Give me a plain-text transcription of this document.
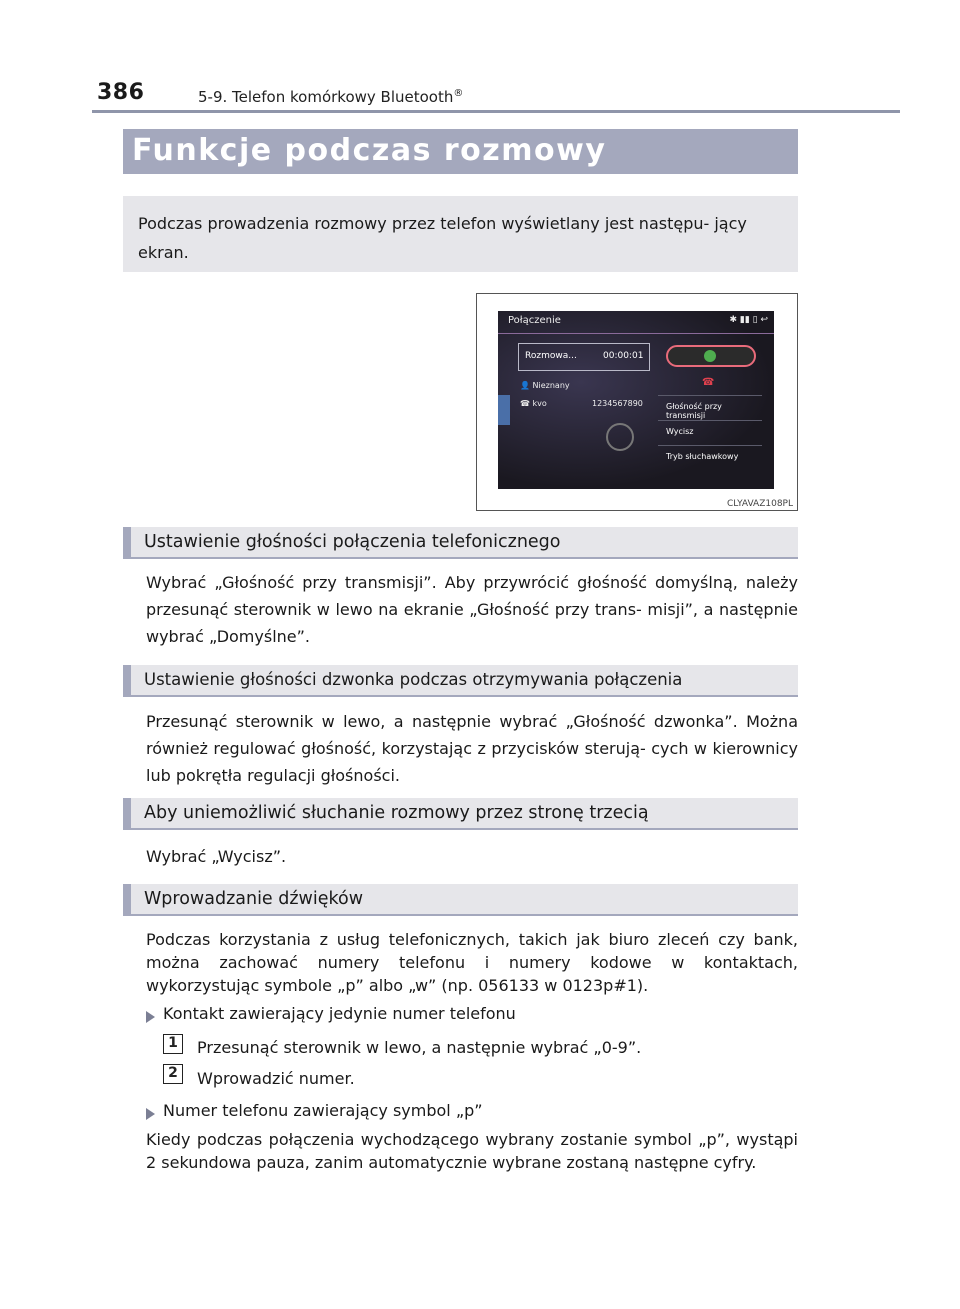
386	5-9. Telefon komórkowy Bluetooth®
Funkcje podczas rozmowy

Podczas prowadzenia rozmowy przez telefon wyświetlany jest następu- jący ekran.

Połączenie	✱ ▮▮ ▯ ↩
Rozmowa...	00:00:01
☎
👤 Nieznany
☎ kvo	1234567890	Głośność przy transmisji
Wycisz
Tryb słuchawkowy
CLYAVAZ108PL
Ustawienie głośności połączenia telefonicznego

Wybrać „Głośność przy transmisji”. Aby przywrócić głośność domyślną, należy przesunąć sterownik w lewo na ekranie „Głośność przy trans- misji”, a następnie wybrać „Domyślne”.

Ustawienie głośności dzwonka podczas otrzymywania połączenia

Przesunąć sterownik w lewo, a następnie wybrać „Głośność dzwonka”. Można również regulować głośność, korzystając z przycisków sterują- cych w kierownicy lub pokrętła regulacji głośności.

Aby uniemożliwić słuchanie rozmowy przez stronę trzecią

Wybrać „Wycisz”.

Wprowadzanie dźwięków

Podczas korzystania z usług telefonicznych, takich jak biuro zleceń czy bank, można zachować numery telefonu i numery kodowe w kontaktach, wykorzystując symbole „p” albo „w” (np. 056133 w 0123p#1).

Kontakt zawierający jedynie numer telefonu
1	Przesunąć sterownik w lewo, a następnie wybrać „0-9”.
2	Wprowadzić numer.
Numer telefonu zawierający symbol „p”

Kiedy podczas połączenia wychodzącego wybrany zostanie symbol „p”, wystąpi 2 sekundowa pauza, zanim automatycznie wybrane zostaną następne cyfry.
